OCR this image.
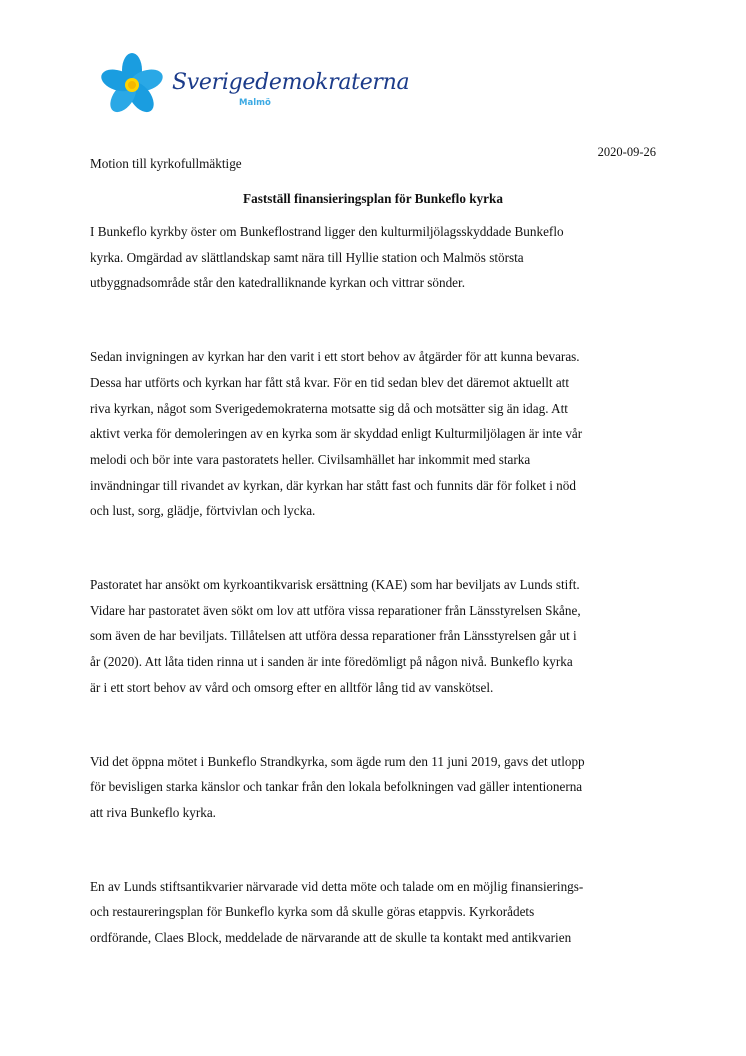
Sverigedemokraterna
Malmö
2020-09-26
Motion till kyrkofullmäktige
Fastställ finansieringsplan för Bunkeflo kyrka

I Bunkeflo kyrkby öster om Bunkeflostrand ligger den kulturmiljölagsskyddade Bunkeflo
kyrka. Omgärdad av slättlandskap samt nära till Hyllie station och Malmös största
utbyggnadsområde står den katedralliknande kyrkan och vittrar sönder.

Sedan invigningen av kyrkan har den varit i ett stort behov av åtgärder för att kunna bevaras.
Dessa har utförts och kyrkan har fått stå kvar. För en tid sedan blev det däremot aktuellt att
riva kyrkan, något som Sverigedemokraterna motsatte sig då och motsätter sig än idag. Att
aktivt verka för demoleringen av en kyrka som är skyddad enligt Kulturmiljölagen är inte vår
melodi och bör inte vara pastoratets heller. Civilsamhället har inkommit med starka
invändningar till rivandet av kyrkan, där kyrkan har stått fast och funnits där för folket i nöd
och lust, sorg, glädje, förtvivlan och lycka.

Pastoratet har ansökt om kyrkoantikvarisk ersättning (KAE) som har beviljats av Lunds stift.
Vidare har pastoratet även sökt om lov att utföra vissa reparationer från Länsstyrelsen Skåne,
som även de har beviljats. Tillåtelsen att utföra dessa reparationer från Länsstyrelsen går ut i
år (2020). Att låta tiden rinna ut i sanden är inte föredömligt på någon nivå. Bunkeflo kyrka
är i ett stort behov av vård och omsorg efter en alltför lång tid av vanskötsel.

Vid det öppna mötet i Bunkeflo Strandkyrka, som ägde rum den 11 juni 2019, gavs det utlopp
för bevisligen starka känslor och tankar från den lokala befolkningen vad gäller intentionerna
att riva Bunkeflo kyrka.

En av Lunds stiftsantikvarier närvarade vid detta möte och talade om en möjlig finansierings-
och restaureringsplan för Bunkeflo kyrka som då skulle göras etappvis. Kyrkorådets
ordförande, Claes Block, meddelade de närvarande att de skulle ta kontakt med antikvarien
